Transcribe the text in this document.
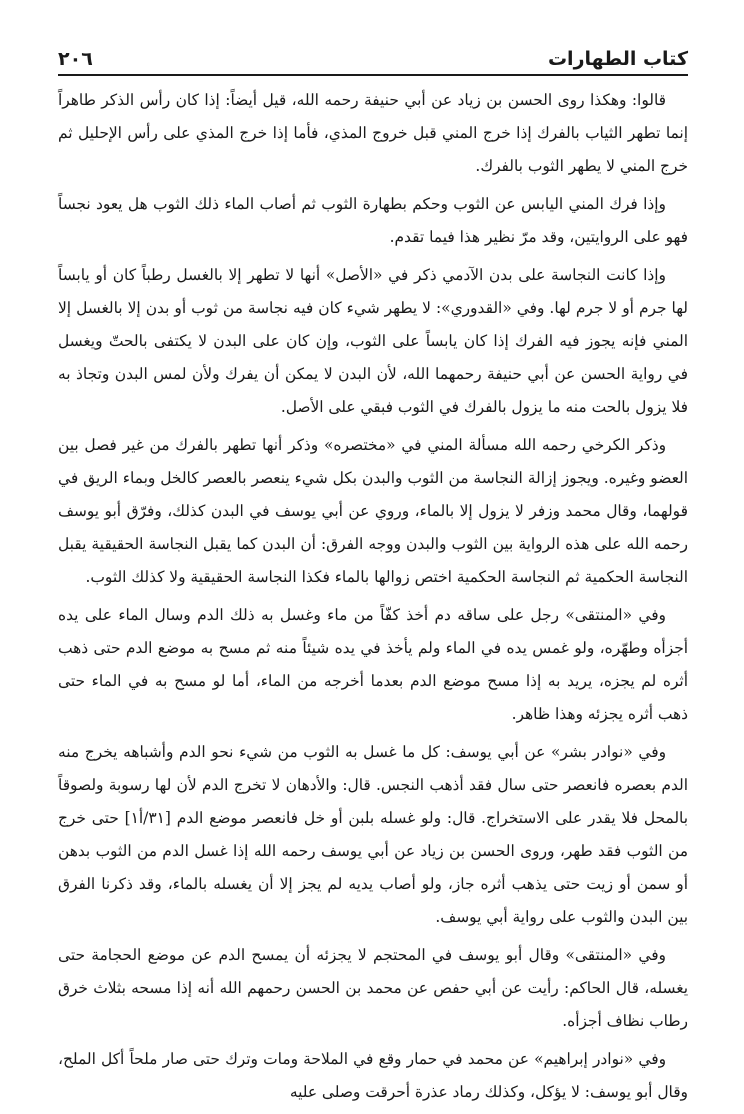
كتاب الطهارات
٢٠٦

قالوا: وهكذا روى الحسن بن زياد عن أبي حنيفة رحمه الله، قيل أيضاً: إذا كان رأس الذكر طاهراً إنما تطهر الثياب بالفرك إذا خرج المني قبل خروج المذي، فأما إذا خرج المذي على رأس الإحليل ثم خرج المني لا يطهر الثوب بالفرك.

وإذا فرك المني اليابس عن الثوب وحكم بطهارة الثوب ثم أصاب الماء ذلك الثوب هل يعود نجساً فهو على الروايتين، وقد مرّ نظير هذا فيما تقدم.

وإذا كانت النجاسة على بدن الآدمي ذكر في «الأصل» أنها لا تطهر إلا بالغسل رطباً كان أو يابساً لها جرم أو لا جرم لها. وفي «القدوري»: لا يطهر شيء كان فيه نجاسة من ثوب أو بدن إلا بالغسل إلا المني فإنه يجوز فيه الفرك إذا كان يابساً على الثوب، وإن كان على البدن لا يكتفى بالحتّ ويغسل في رواية الحسن عن أبي حنيفة رحمهما الله، لأن البدن لا يمكن أن يفرك ولأن لمس البدن وتجاذ به فلا يزول بالحت منه ما يزول بالفرك في الثوب فبقي على الأصل.

وذكر الكرخي رحمه الله مسألة المني في «مختصره» وذكر أنها تطهر بالفرك من غير فصل بين العضو وغيره. ويجوز إزالة النجاسة من الثوب والبدن بكل شيء ينعصر بالعصر كالخل وبماء الريق في قولهما، وقال محمد وزفر لا يزول إلا بالماء، وروي عن أبي يوسف في البدن كذلك، وفرّق أبو يوسف رحمه الله على هذه الرواية بين الثوب والبدن ووجه الفرق: أن البدن كما يقبل النجاسة الحقيقية يقبل النجاسة الحكمية ثم النجاسة الحكمية اختص زوالها بالماء فكذا النجاسة الحقيقية ولا كذلك الثوب.

وفي «المنتقى» رجل على ساقه دم أخذ كفّاً من ماء وغسل به ذلك الدم وسال الماء على يده أجزأه وطهّره، ولو غمس يده في الماء ولم يأخذ في يده شيئاً منه ثم مسح به موضع الدم حتى ذهب أثره لم يجزه، يريد به إذا مسح موضع الدم بعدما أخرجه من الماء، أما لو مسح به في الماء حتى ذهب أثره يجزئه وهذا ظاهر.

وفي «نوادر بشر» عن أبي يوسف: كل ما غسل به الثوب من شيء نحو الدم وأشباهه يخرج منه الدم بعصره فانعصر حتى سال فقد أذهب النجس. قال: والأدهان لا تخرج الدم لأن لها رسوبة ولصوقاً بالمحل فلا يقدر على الاستخراج. قال: ولو غسله بلبن أو خل فانعصر موضع الدم [٣١/أ١] حتى خرج من الثوب فقد طهر، وروى الحسن بن زياد عن أبي يوسف رحمه الله إذا غسل الدم من الثوب بدهن أو سمن أو زيت حتى يذهب أثره جاز، ولو أصاب يديه لم يجز إلا أن يغسله بالماء، وقد ذكرنا الفرق بين البدن والثوب على رواية أبي يوسف.

وفي «المنتقى» وقال أبو يوسف في المحتجم لا يجزئه أن يمسح الدم عن موضع الحجامة حتى يغسله، قال الحاكم: رأيت عن أبي حفص عن محمد بن الحسن رحمهم الله أنه إذا مسحه بثلاث خرق رطاب نظاف أجزأه.

وفي «نوادر إبراهيم» عن محمد في حمار وقع في الملاحة ومات وترك حتى صار ملحاً أكل الملح، وقال أبو يوسف: لا يؤكل، وكذلك رماد عذرة أحرقت وصلى عليه
